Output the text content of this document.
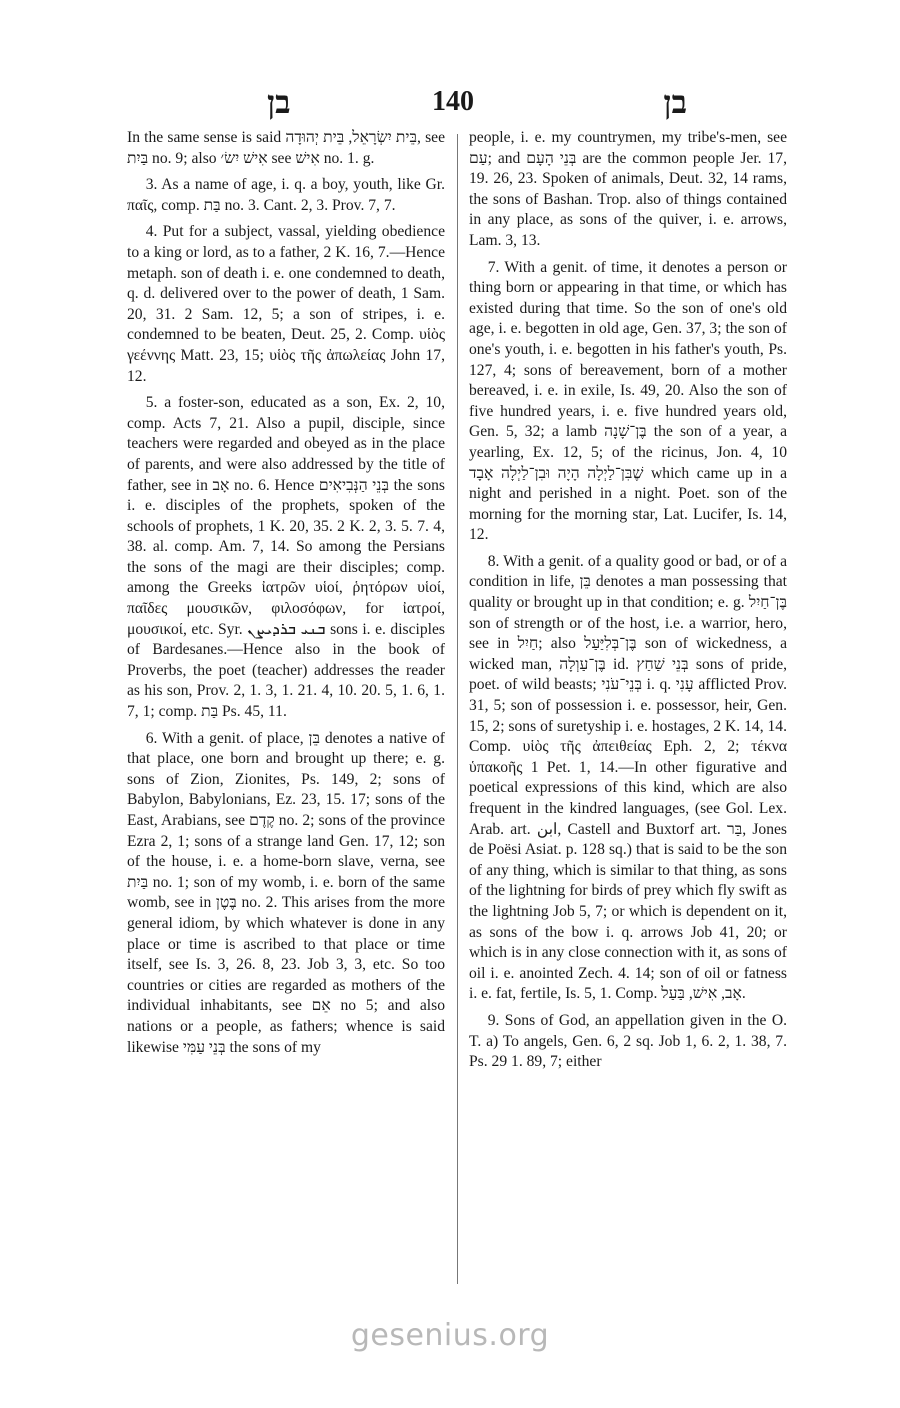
בן	140	בן

In the same sense is said בֵּית יִשְׂרָאֵל, בֵּית יְהוּדָה, see בַּיִת no. 9; also אִישׁ יִשׂ׳ see אִישׁ no. 1. g.

3. As a name of age, i. q. a boy, youth, like Gr. παῖς, comp. בַּת no. 3. Cant. 2, 3. Prov. 7, 7.

4. Put for a subject, vassal, yielding obedience to a king or lord, as to a father, 2 K. 16, 7.—Hence metaph. son of death i. e. one condemned to death, q. d. delivered over to the power of death, 1 Sam. 20, 31. 2 Sam. 12, 5; a son of stripes, i. e. condemned to be beaten, Deut. 25, 2. Comp. υἱὸς γεέννης Matt. 23, 15; υἱὸς τῆς ἀπωλείας John 17, 12.

5. a foster-son, educated as a son, Ex. 2, 10, comp. Acts 7, 21. Also a pupil, disciple, since teachers were regarded and obeyed as in the place of parents, and were also addressed by the title of father, see in אָב no. 6. Hence בְּנֵי הַנְּבִיאִים the sons i. e. disciples of the prophets, spoken of the schools of prophets, 1 K. 20, 35. 2 K. 2, 3. 5. 7. 4, 38. al. comp. Am. 7, 14. So among the Persians the sons of the magi are their disciples; comp. among the Greeks ἰατρῶν υἱοί, ῥητόρων υἱοί, παῖδες μουσικῶν, φιλοσόφων, for ἰατροί, μουσικοί, etc. Syr. ܒܢܝ ܒܪܕܝܨܢ sons i. e. disciples of Bardesanes.—Hence also in the book of Proverbs, the poet (teacher) addresses the reader as his son, Prov. 2, 1. 3, 1. 21. 4, 10. 20. 5, 1. 6, 1. 7, 1; comp. בַּת Ps. 45, 11.

6. With a genit. of place, בֵּן denotes a native of that place, one born and brought up there; e. g. sons of Zion, Zionites, Ps. 149, 2; sons of Babylon, Babylonians, Ez. 23, 15. 17; sons of the East, Arabians, see קֶדֶם no. 2; sons of the province Ezra 2, 1; sons of a strange land Gen. 17, 12; son of the house, i. e. a home-born slave, verna, see בַּיִת no. 1; son of my womb, i. e. born of the same womb, see in בֶּטֶן no. 2. This arises from the more general idiom, by which whatever is done in any place or time is ascribed to that place or time itself, see Is. 3, 26. 8, 23. Job 3, 3, etc. So too countries or cities are regarded as mothers of the individual inhabitants, see אֵם no 5; and also nations or a people, as fathers; whence is said likewise בְּנֵי עַמִּי the sons of my

people, i. e. my countrymen, my tribe's-men, see עַם; and בְּנֵי הָעָם are the common people Jer. 17, 19. 26, 23. Spoken of animals, Deut. 32, 14 rams, the sons of Bashan. Trop. also of things contained in any place, as sons of the quiver, i. e. arrows, Lam. 3, 13.

7. With a genit. of time, it denotes a person or thing born or appearing in that time, or which has existed during that time. So the son of one's old age, i. e. begotten in old age, Gen. 37, 3; the son of one's youth, i. e. begotten in his father's youth, Ps. 127, 4; sons of bereavement, born of a mother bereaved, i. e. in exile, Is. 49, 20. Also the son of five hundred years, i. e. five hundred years old, Gen. 5, 32; a lamb בֶּן־שָׁנָה the son of a year, a yearling, Ex. 12, 5; of the ricinus, Jon. 4, 10 שֶׁבִּן־לַיְלָה הָיָה וּבִן־לַיְלָה אָבָד which came up in a night and perished in a night. Poet. son of the morning for the morning star, Lat. Lucifer, Is. 14, 12.

8. With a genit. of a quality good or bad, or of a condition in life, בֵּן denotes a man possessing that quality or brought up in that condition; e. g. בֶּן־חַיִל son of strength or of the host, i.e. a warrior, hero, see in חַיִל; also בֶּן־בְּלִיַּעַל son of wickedness, a wicked man, בֶּן־עַוְלָה id. בְּנֵי שַׁחַץ sons of pride, poet. of wild beasts; בְּנֵי־עֹנִי i. q. עָנִי afflicted Prov. 31, 5; son of possession i. e. possessor, heir, Gen. 15, 2; sons of suretyship i. e. hostages, 2 K. 14, 14. Comp. υἱὸς τῆς ἀπειθείας Eph. 2, 2; τέκνα ὑπακοῆς 1 Pet. 1, 14.—In other figurative and poetical expressions of this kind, which are also frequent in the kindred languages, (see Gol. Lex. Arab. art. ابن, Castell and Buxtorf art. בַּר, Jones de Poësi Asiat. p. 128 sq.) that is said to be the son of any thing, which is similar to that thing, as sons of the lightning for birds of prey which fly swift as the lightning Job 5, 7; or which is dependent on it, as sons of the bow i. q. arrows Job 41, 20; or which is in any close connection with it, as sons of oil i. e. anointed Zech. 4. 14; son of oil or fatness i. e. fat, fertile, Is. 5, 1. Comp. אָב, אִישׁ, בַּעַל.

9. Sons of God, an appellation given in the O. T. a) To angels, Gen. 6, 2 sq. Job 1, 6. 2, 1. 38, 7. Ps. 29 1. 89, 7; either

gesenius.org
